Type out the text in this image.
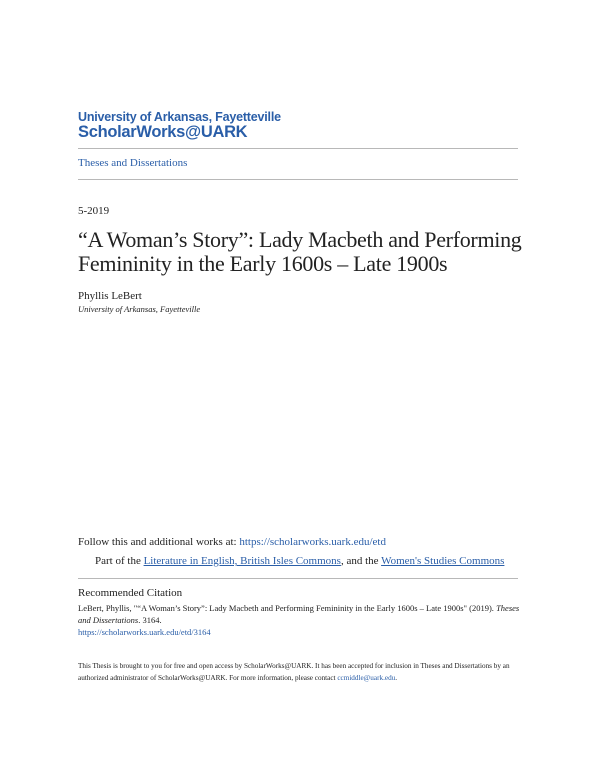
University of Arkansas, Fayetteville
ScholarWorks@UARK
Theses and Dissertations
5-2019
“A Woman’s Story”: Lady Macbeth and Performing Femininity in the Early 1600s – Late 1900s
Phyllis LeBert
University of Arkansas, Fayetteville
Follow this and additional works at: https://scholarworks.uark.edu/etd
Part of the Literature in English, British Isles Commons, and the Women's Studies Commons
Recommended Citation
LeBert, Phyllis, "“A Woman’s Story”: Lady Macbeth and Performing Femininity in the Early 1600s – Late 1900s" (2019). Theses and Dissertations. 3164.
https://scholarworks.uark.edu/etd/3164
This Thesis is brought to you for free and open access by ScholarWorks@UARK. It has been accepted for inclusion in Theses and Dissertations by an authorized administrator of ScholarWorks@UARK. For more information, please contact ccmiddle@uark.edu.
